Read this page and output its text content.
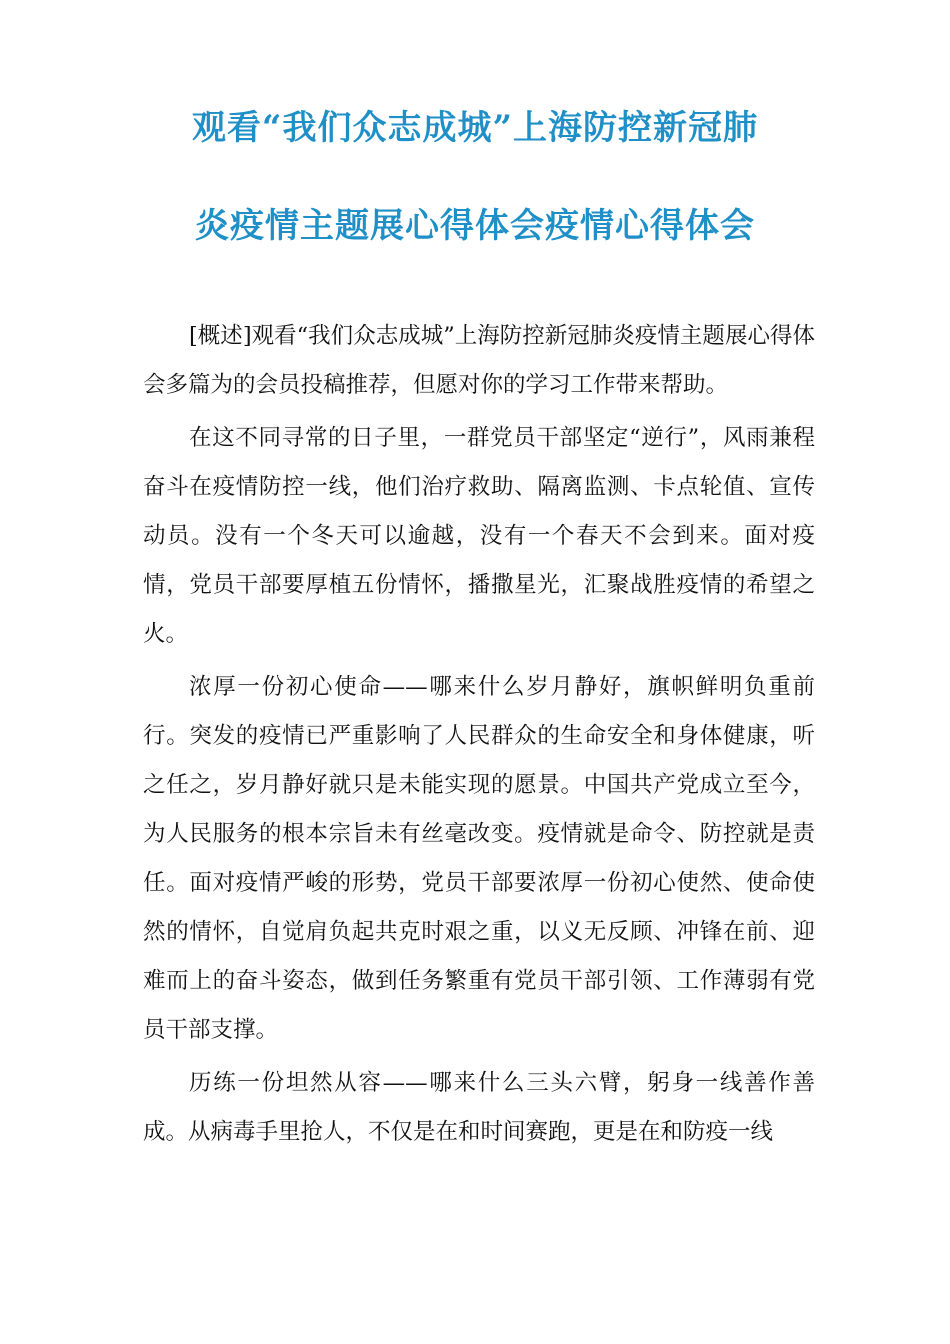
观看“我们众志成城”上海防控新冠肺
炎疫情主题展心得体会疫情心得体会

[概述]观看“我们众志成城”上海防控新冠肺炎疫情主题展心得体会多篇为的会员投稿推荐，但愿对你的学习工作带来帮助。

在这不同寻常的日子里，一群党员干部坚定“逆行”，风雨兼程奋斗在疫情防控一线，他们治疗救助、隔离监测、卡点轮值、宣传动员。没有一个冬天可以逾越，没有一个春天不会到来。面对疫情，党员干部要厚植五份情怀，播撒星光，汇聚战胜疫情的希望之火。

浓厚一份初心使命——哪来什么岁月静好，旗帜鲜明负重前行。突发的疫情已严重影响了人民群众的生命安全和身体健康，听之任之，岁月静好就只是未能实现的愿景。中国共产党成立至今，为人民服务的根本宗旨未有丝毫改变。疫情就是命令、防控就是责任。面对疫情严峻的形势，党员干部要浓厚一份初心使然、使命使然的情怀，自觉肩负起共克时艰之重，以义无反顾、冲锋在前、迎难而上的奋斗姿态，做到任务繁重有党员干部引领、工作薄弱有党员干部支撑。

历练一份坦然从容——哪来什么三头六臂，躬身一线善作善成。从病毒手里抢人，不仅是在和时间赛跑，更是在和防疫一线
